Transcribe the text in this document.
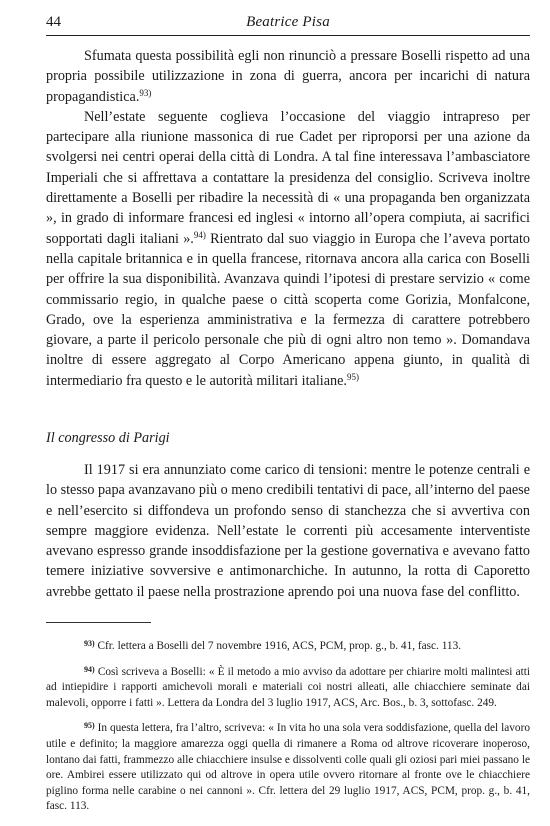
44	Beatrice Pisa

Sfumata questa possibilità egli non rinunciò a pressare Boselli rispetto ad una propria possibile utilizzazione in zona di guerra, ancora per incarichi di natura propagandistica.$^{93)}$

Nell’estate seguente coglieva l’occasione del viaggio intrapreso per partecipare alla riunione massonica di rue Cadet per riproporsi per una azione da svolgersi nei centri operai della città di Londra. A tal fine interessava l’ambasciatore Imperiali che si affrettava a contattare la presidenza del consiglio. Scriveva inoltre direttamente a Boselli per ribadire la necessità di « una propaganda ben organizzata », in grado di informare francesi ed inglesi « intorno all’opera compiuta, ai sacrifici sopportati dagli italiani ».$^{94)}$ Rientrato dal suo viaggio in Europa che l’aveva portato nella capitale britannica e in quella francese, ritornava ancora alla carica con Boselli per offrire la sua disponibilità. Avanzava quindi l’ipotesi di prestare servizio « come commissario regio, in qualche paese o città scoperta come Gorizia, Monfalcone, Grado, ove la esperienza amministrativa e la fermezza di carattere potrebbero giovare, a parte il pericolo personale che più di ogni altro non temo ». Domandava inoltre di essere aggregato al Corpo Americano appena giunto, in qualità di intermediario fra questo e le autorità militari italiane.$^{95)}$

Il congresso di Parigi

Il 1917 si era annunziato come carico di tensioni: mentre le potenze centrali e lo stesso papa avanzavano più o meno credibili tentativi di pace, all’interno del paese e nell’esercito si diffondeva un profondo senso di stanchezza che si avvertiva con sempre maggiore evidenza. Nell’estate le correnti più accesamente interventiste avevano espresso grande insoddisfazione per la gestione governativa e avevano fatto temere iniziative sovversive e antimonarchiche. In autunno, la rotta di Caporetto avrebbe gettato il paese nella prostrazione aprendo poi una nuova fase del conflitto.

$^{93)}$ Cfr. lettera a Boselli del 7 novembre 1916, ACS, PCM, prop. g., b. 41, fasc. 113.

$^{94)}$ Così scriveva a Boselli: « È il metodo a mio avviso da adottare per chiarire molti malintesi atti ad intiepidire i rapporti amichevoli morali e materiali coi nostri alleati, alle chiacchiere seminate dai malevoli, opporre i fatti ». Lettera da Londra del 3 luglio 1917, ACS, Arc. Bos., b. 3, sottofasc. 249.

$^{95)}$ In questa lettera, fra l’altro, scriveva: « In vita ho una sola vera soddisfazione, quella del lavoro utile e definito; la maggiore amarezza oggi quella di rimanere a Roma od altrove ricoverare inoperoso, lontano dai fatti, frammezzo alle chiacchiere insulse e dissolventi colle quali gli oziosi pari miei passano le ore. Ambirei essere utilizzato qui od altrove in opera utile ovvero ritornare al fronte ove le chiacchiere piglino forma nelle carabine o nei cannoni ». Cfr. lettera del 29 luglio 1917, ACS, PCM, prop. g., b. 41, fasc. 113.
